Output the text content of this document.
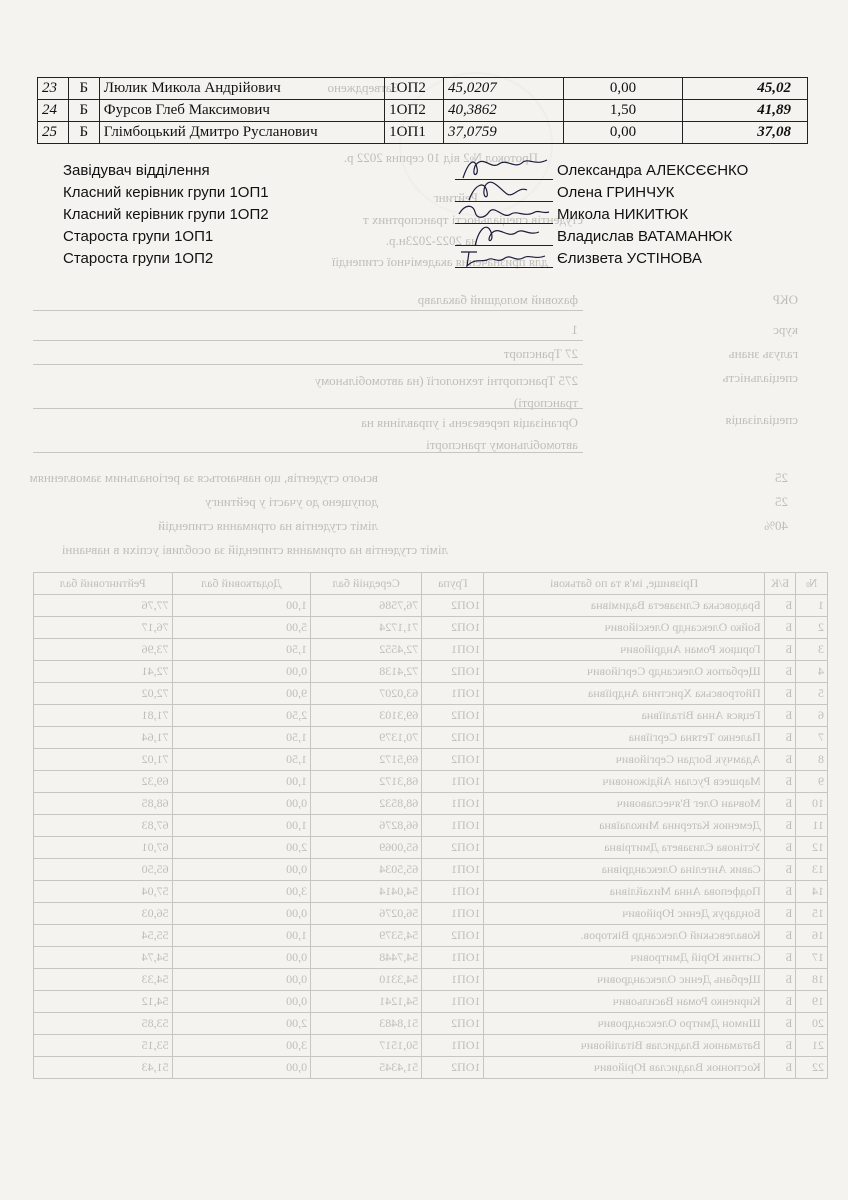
Затверджено
Протокол №2 від 10 серпня 2022 р.
Рейтинг
студентів спеціальності транспортних т
на 2022-2023н.р.
для призначення академічної стипендії
ОКР
фаховий молодший бакалавр
курс
1
галузь знань
27 Транспорт
спеціальність
275 Транспортні технології (на автомобільному транспорті)
спеціалізація
Організація перевезень і управління на автомобільному транспорті
всього студентів, що навчаються за регіональним замовленням	25
допущено до участі у рейтингу	25
ліміт студентів на отримання стипендій	40%
ліміт студентів на отримання стипендій за особливі успіхи в навчанні
№	Б/К	Прізвище, ім'я та по батькові	Група	Середній бал	Додатковий бал	Рейтинговий бал
1	Б	Брадовська Єлизавета Вадимівна	1ОП2	76,7586	1,00	77,76
2	Б	Бойко Олександр Олексійович	1ОП2	71,1724	5,00	76,17
3	Б	Горщюк Роман Андрійович	1ОП1	72,4552	1,50	73,96
4	Б	Щербатюк Олександр Сергійович	1ОП2	72,4138	0,00	72,41
5	Б	Пйотровська Христина Андріївна	1ОП1	63,0207	9,00	72,02
6	Б	Гецяся Анна Віталіївна	1ОП2	69,3103	2,50	71,81
7	Б	Паленко Тетяна Сергіївна	1ОП2	70,1379	1,50	71,64
8	Б	Адамчук Богдан Сергійович	1ОП2	69,5172	1,50	71,02
9	Б	Маршеєв Руслан Айдіжонович	1ОП1	68,3172	1,00	69,32
10	Б	Мовчан Олег В'ячеславович	1ОП1	68,8532	0,00	68,85
11	Б	Деменюк Катерина Миколаївна	1ОП1	66,8276	1,00	67,83
12	Б	Устінова Єлизавета Дмитрівна	1ОП2	65,0069	2,00	67,01
13	Б	Савик Ангеліна Олександрівна	1ОП1	65,5034	0,00	65,50
14	Б	Подфепова Анна Михайлівна	1ОП1	54,0414	3,00	57,04
15	Б	Бондарук Денис Юрійович	1ОП1	56,0276	0,00	56,03
16	Б	Ковалевський Олександр Вікторов.	1ОП2	54,5379	1,00	55,54
17	Б	Ситник Юрій Дмитрович	1ОП1	54,7448	0,00	54,74
18	Б	Щербань Денис Олександрович	1ОП1	54,3310	0,00	54,33
19	Б	Кириенко Роман Васильович	1ОП1	54,1241	0,00	54,12
20	Б	Шимон Дмитро Олександрович	1ОП2	51,8483	2,00	53,85
21	Б	Ватаманюк Владислав Віталійович	1ОП1	50,1517	3,00	53,15
22	Б	Костюнюк Владислав Юрійович	1ОП2	51,4345	0,00	51,43
23	Б	Люлик Микола Андрійович	1ОП2	45,0207	0,00	45,02
24	Б	Фурсов Глеб Максимович	1ОП2	40,3862	1,50	41,89
25	Б	Глімбоцький Дмитро Русланович	1ОП1	37,0759	0,00	37,08
Завідувач відділення	Олександра АЛЕКСЄЄНКО
Класний керівник групи 1ОП1	Олена ГРИНЧУК
Класний керівник групи 1ОП2	Микола НИКИТЮК
Староста групи 1ОП1	Владислав ВАТАМАНЮК
Староста групи 1ОП2	Єлизвета УСТІНОВА
